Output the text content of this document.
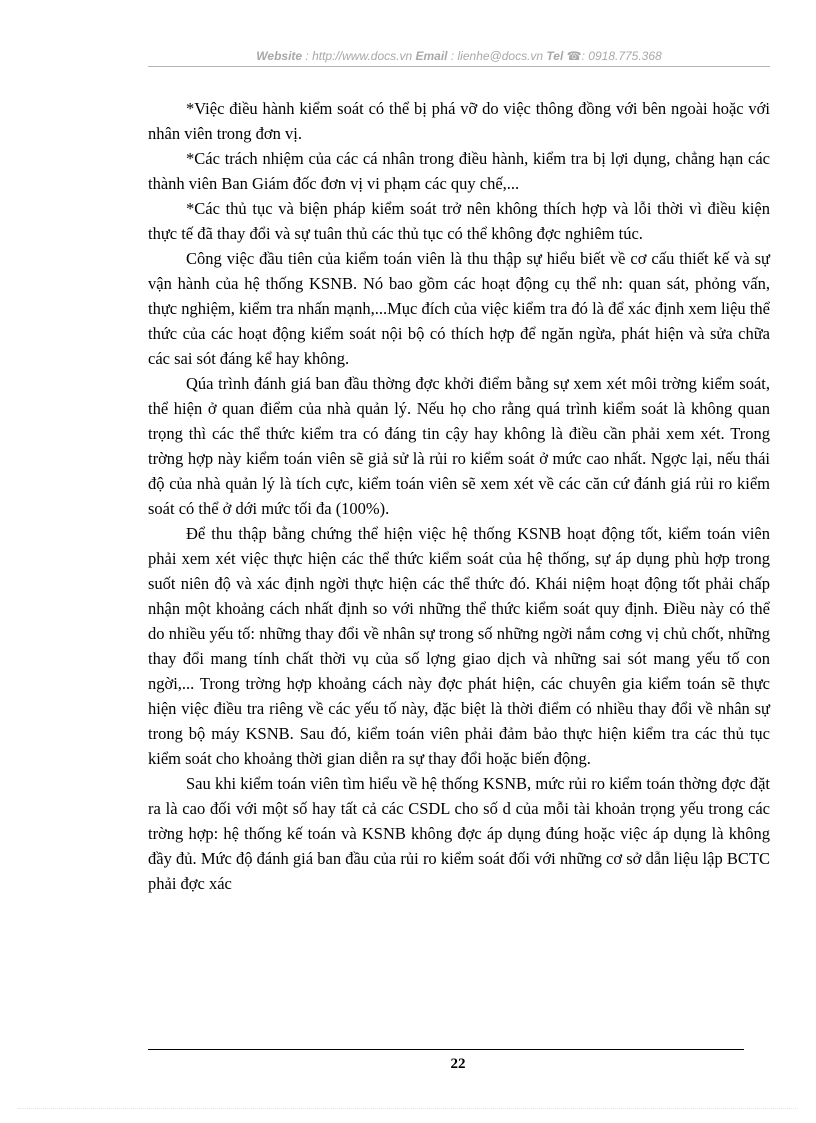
Website : http://www.docs.vn Email : lienhe@docs.vn Tel ☎: 0918.775.368

*Việc điều hành kiểm soát có thể bị phá vỡ do việc thông đồng với bên ngoài hoặc với nhân viên trong đơn vị.

*Các trách nhiệm của các cá nhân trong điều hành, kiểm tra bị lợi dụng, chẳng hạn các thành viên Ban Giám đốc đơn vị vi phạm các quy chế,...

*Các thủ tục và biện pháp kiểm soát trở nên không thích hợp và lỗi thời vì điều kiện thực tế đã thay đổi và sự tuân thủ các thủ tục có thể không đợc nghiêm túc.

Công việc đầu tiên của kiểm toán viên là thu thập sự hiểu biết về cơ cấu thiết kế và sự vận hành của hệ thống KSNB. Nó bao gồm các hoạt động cụ thể nh: quan sát, phỏng vấn, thực nghiệm, kiểm tra nhấn mạnh,...Mục đích của việc kiểm tra đó là để xác định xem liệu thể thức của các hoạt động kiểm soát nội bộ có thích hợp để ngăn ngừa, phát hiện và sửa chữa các sai sót đáng kể hay không.

Qúa trình đánh giá ban đầu thờng đợc khởi điểm bằng sự xem xét môi trờng kiểm soát, thể hiện ở quan điểm của nhà quản lý. Nếu họ cho rằng quá trình kiểm soát là không quan trọng thì các thể thức kiểm tra có đáng tin cậy hay không là điều cần phải xem xét. Trong trờng hợp này kiểm toán viên sẽ giả sử là rủi ro kiểm soát ở mức cao nhất. Ngợc lại, nếu thái độ của nhà quản lý là tích cực, kiểm toán viên sẽ xem xét về các căn cứ đánh giá rủi ro kiểm soát có thể ở dới mức tối đa (100%).

Để thu thập bằng chứng thể hiện việc hệ thống KSNB hoạt động tốt, kiểm toán viên phải xem xét việc thực hiện các thể thức kiểm soát của hệ thống, sự áp dụng phù hợp trong suốt niên độ và xác định ngời thực hiện các thể thức đó. Khái niệm hoạt động tốt phải chấp nhận một khoảng cách nhất định so với những thể thức kiểm soát quy định. Điều này có thể do nhiều yếu tố: những thay đổi về nhân sự trong số những ngời nắm cơng vị chủ chốt, những thay đổi mang tính chất thời vụ của số lợng giao dịch và những sai sót mang yếu tố con ngời,... Trong trờng hợp khoảng cách này đợc phát hiện, các chuyên gia kiểm toán sẽ thực hiện việc điều tra riêng về các yếu tố này, đặc biệt là thời điểm có nhiều thay đổi về nhân sự trong bộ máy KSNB. Sau đó, kiểm toán viên phải đảm bảo thực hiện kiểm tra các thủ tục kiểm soát cho khoảng thời gian diễn ra sự thay đổi hoặc biến động.

Sau khi kiểm toán viên tìm hiểu về hệ thống KSNB, mức rủi ro kiểm toán thờng đợc đặt ra là cao đối với một số hay tất cả các CSDL cho số d của mỗi tài khoản trọng yếu trong các trờng hợp: hệ thống kế toán và KSNB không đợc áp dụng đúng hoặc việc áp dụng là không đầy đủ. Mức độ đánh giá ban đầu của rủi ro kiểm soát đối với những cơ sở dẫn liệu lập BCTC phải đợc xác

22
